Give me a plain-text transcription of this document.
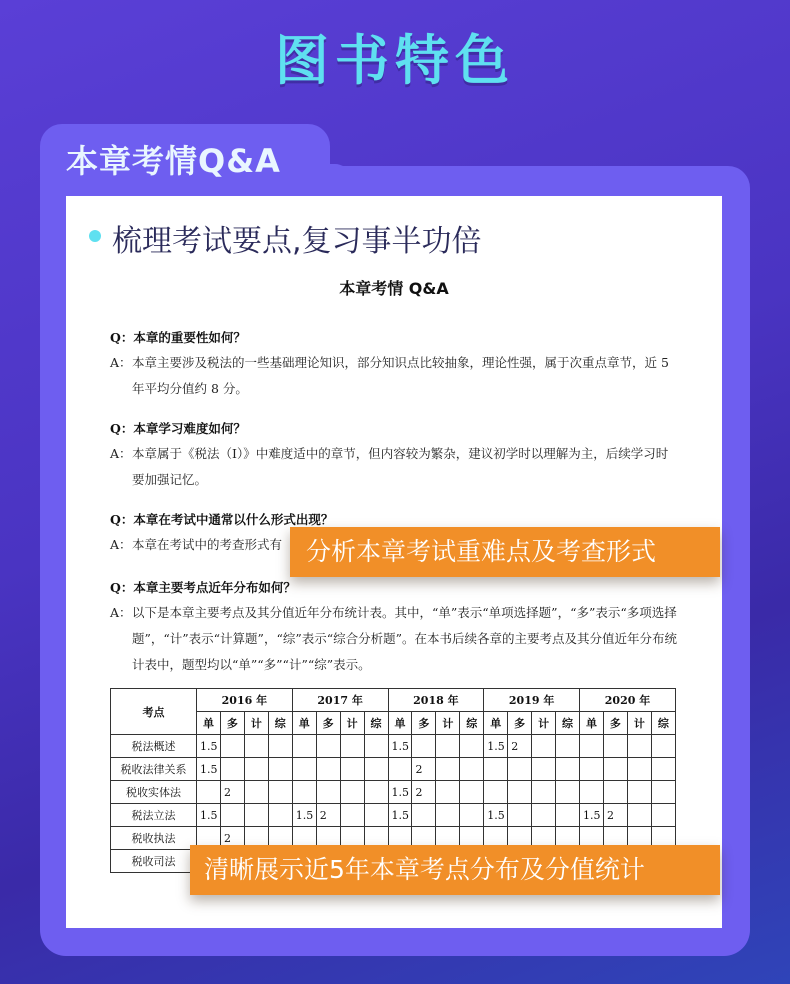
图书特色
本章考情Q&A
梳理考试要点,复习事半功倍
本章考情 Q&A
Q：本章的重要性如何？
A： 本章主要涉及税法的一些基础理论知识，部分知识点比较抽象，理论性强，属于次重点章节，近 5 年平均分值约 8 分。
Q：本章学习难度如何？
A： 本章属于《税法（Ⅰ）》中难度适中的章节，但内容较为繁杂，建议初学时以理解为主，后续学习时要加强记忆。
Q：本章在考试中通常以什么形式出现？
A： 本章在考试中的考查形式有
Q：本章主要考点近年分布如何？
A： 以下是本章主要考点及其分值近年分布统计表。其中，“单”表示“单项选择题”，“多”表示“多项选择题”，“计”表示“计算题”，“综”表示“综合分析题”。在本书后续各章的主要考点及其分值近年分布统计表中，题型均以“单”“多”“计”“综”表示。
考点	2016 年				2017 年				2018 年				2019 年				2020 年			
	单	多	计	综	单	多	计	综	单	多	计	综	单	多	计	综	单	多	计	综
税法概述	1.5								1.5				1.5	2						
税收法律关系	1.5									2										
税收实体法		2							1.5	2										
税法立法	1.5				1.5	2			1.5				1.5				1.5	2		
税收执法		2																		
税收司法																				
分析本章考试重难点及考查形式
清晰展示近5年本章考点分布及分值统计
